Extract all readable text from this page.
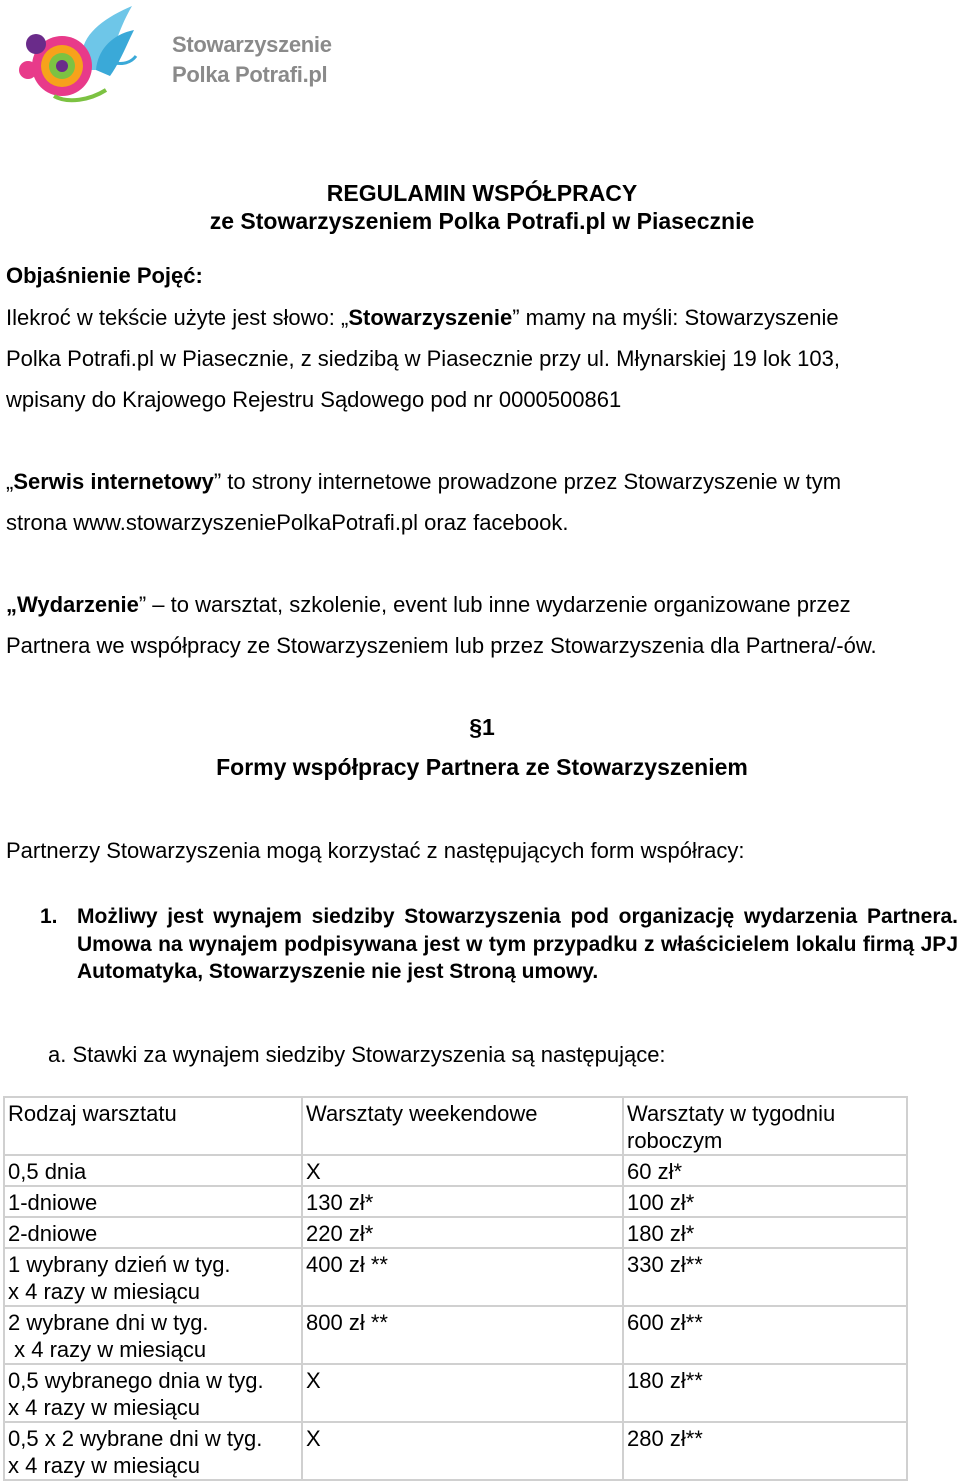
Stowarzyszenie
Polka Potrafi.pl
REGULAMIN WSPÓŁPRACY
ze Stowarzyszeniem Polka Potrafi.pl w Piasecznie
Objaśnienie Pojęć:
Ilekroć w tekście użyte jest słowo: „Stowarzyszenie” mamy na myśli: Stowarzyszenie
Polka Potrafi.pl w Piasecznie, z siedzibą w Piasecznie przy ul. Młynarskiej 19 lok 103,
wpisany do Krajowego Rejestru Sądowego pod nr 0000500861
„Serwis internetowy” to strony internetowe prowadzone przez Stowarzyszenie w tym
strona www.stowarzyszeniePolkaPotrafi.pl oraz facebook.
„Wydarzenie” – to warsztat, szkolenie, event lub inne wydarzenie organizowane przez
Partnera we współpracy ze Stowarzyszeniem lub przez Stowarzyszenia dla Partnera/-ów.
§1
Formy współpracy Partnera ze Stowarzyszeniem
Partnerzy Stowarzyszenia mogą korzystać z następujących form współracy:
1. Możliwy jest wynajem siedziby Stowarzyszenia pod organizację wydarzenia Partnera. Umowa na wynajem podpisywana jest w tym przypadku z właścicielem lokalu firmą JPJ Automatyka, Stowarzyszenie nie jest Stroną umowy.
a. Stawki za wynajem siedziby Stowarzyszenia są następujące:
Rodzaj warsztatu	Warsztaty weekendowe	Warsztaty w tygodniu roboczym
0,5 dnia	X	60 zł*
1-dniowe	130 zł*	100 zł*
2-dniowe	220 zł*	180 zł*
1 wybrany dzień w tyg.
x 4 razy w miesiącu	400 zł **	330 zł**
2 wybrane dni w tyg.
x 4 razy w miesiącu	800 zł **	600 zł**
0,5 wybranego dnia w tyg.
x 4 razy w miesiącu	X	180 zł**
0,5 x 2 wybrane dni w tyg.
x 4 razy w miesiącu	X	280 zł**
